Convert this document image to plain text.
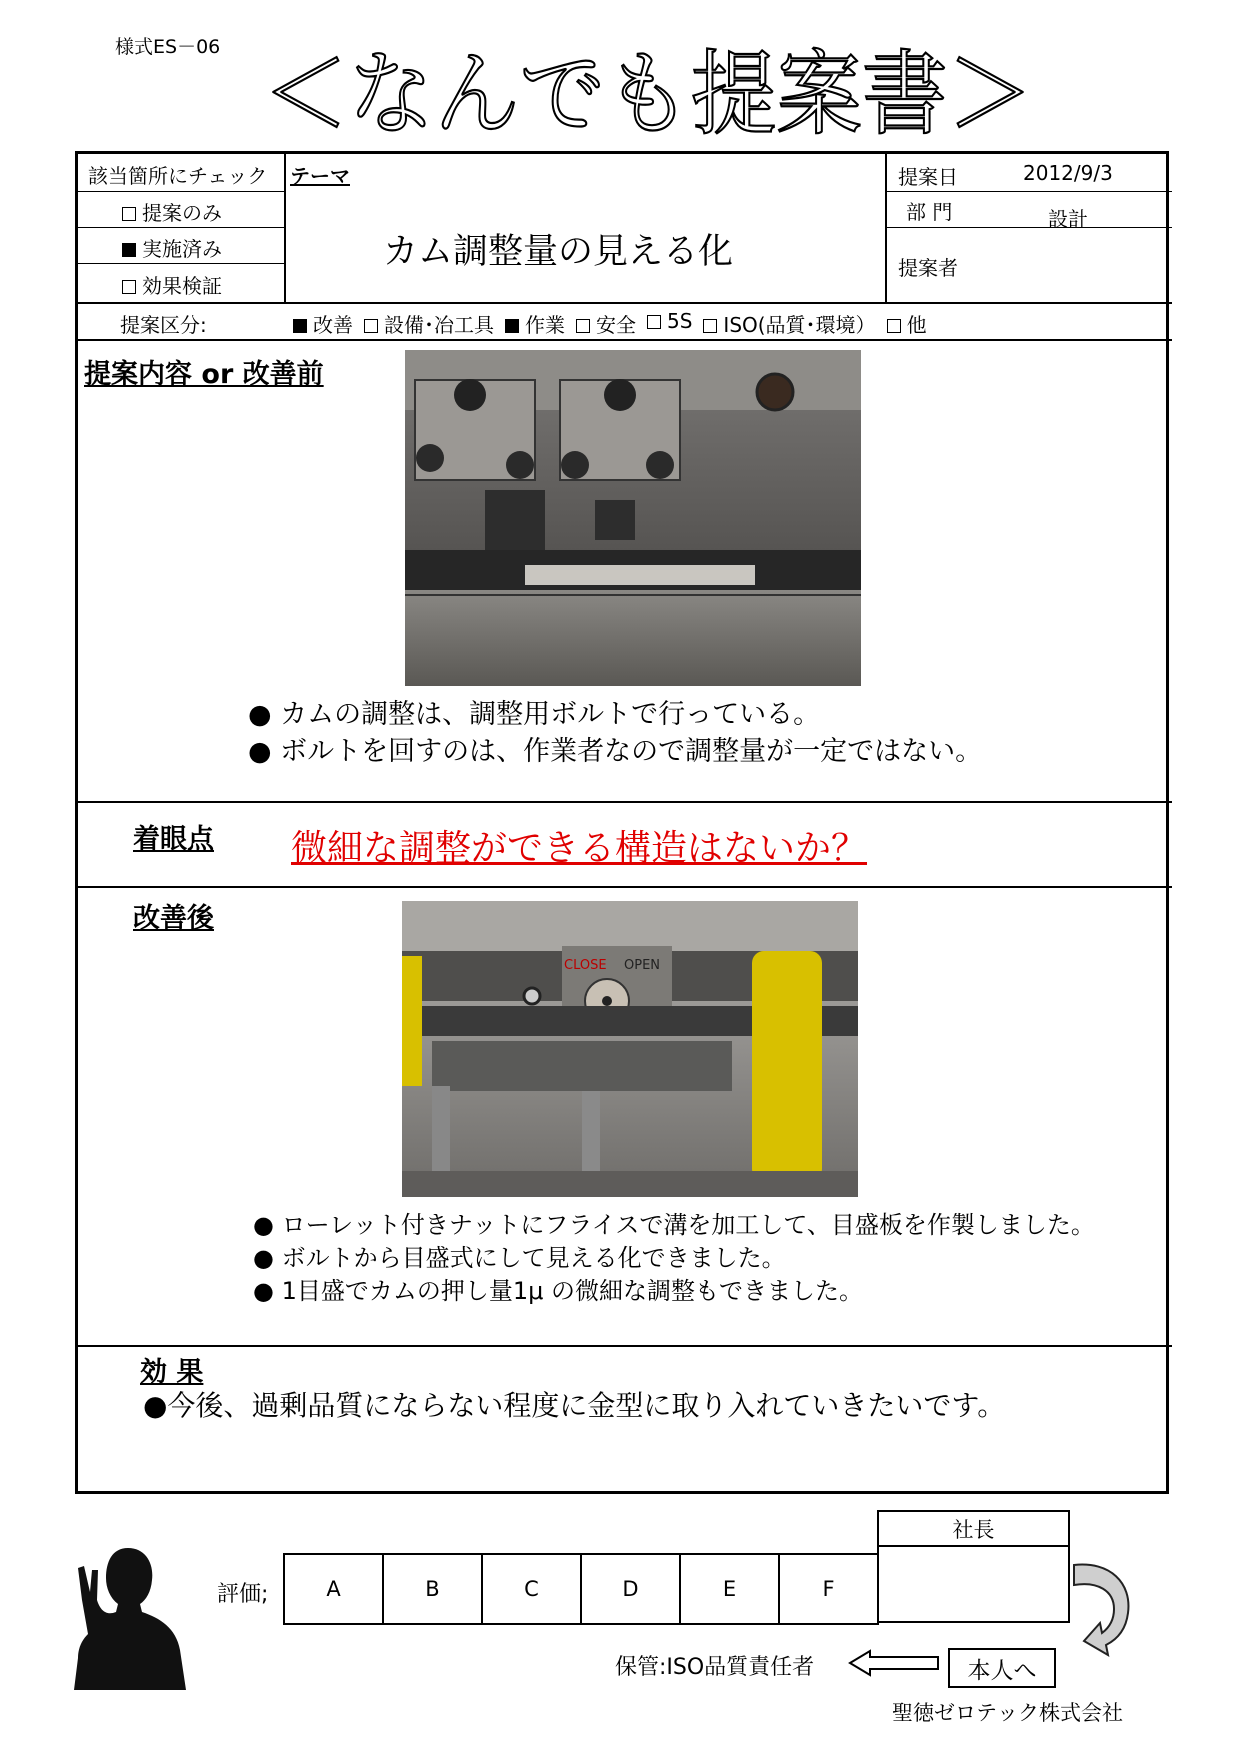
様式ES－06 ＜なんでも提案書＞
該当箇所にチェック
提案のみ
実施済み
効果検証
テーマ
カム調整量の見える化
提案日	2012/9/3
部 門	設計
提案者
提案区分:	改善	設備･冶工具	作業	安全	5S	ISO(品質･環境）	他
提案内容 or 改善前
● カムの調整は、調整用ボルトで行っている。
● ボルトを回すのは、作業者なので調整量が一定ではない。
着眼点 微細な調整ができる構造はないか？
改善後
CLOSE OPEN
● ローレット付きナットにフライスで溝を加工して、目盛板を作製しました。
● ボルトから目盛式にして見える化できました。
● 1目盛でカムの押し量1μ の微細な調整もできました。
効 果
●今後、過剰品質にならない程度に金型に取り入れていきたいです。
評価;	A	B	C	D	E	F
社長
保管:ISO品質責任者	本人へ
聖徳ゼロテック株式会社
